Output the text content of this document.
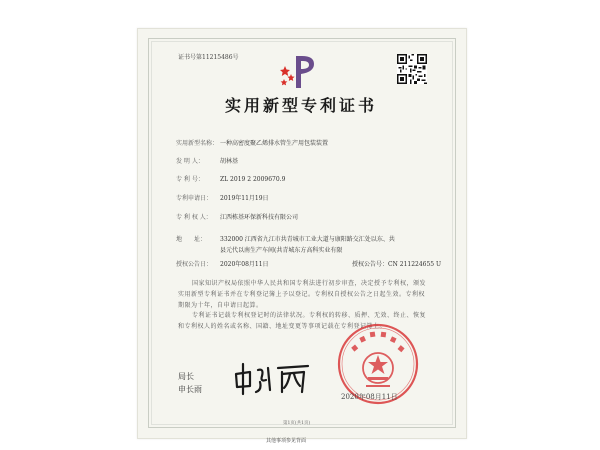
证书号第11215486号
实用新型专利证书
实用新型名称： 一种高密度聚乙烯排水管生产用包装装置
发 明 人：	胡林基
专 利 号：	ZL 2019 2 2009670.9
专利申请日： 2019年11月19日
专 利 权 人： 江西栋基环保新科技有限公司
地　　址： 332000 江西省九江市共青城市工业大道与康阳路交汇处以东、共县元代以南生产车间(共青城东方高科实业有限
授权公告日： 2020年08月11日	授权公告号：CN 211224655 U
国家知识产权局依照中华人民共和国专利法进行初步审查，决定授予专利权，颁发实用新型专利证书并在专利登记簿上予以登记。专利权自授权公告之日起生效。专利权期限为十年，自申请日起算。
专利证书记载专利权登记时的法律状况。专利权的转移、质押、无效、终止、恢复和专利权人的姓名或名称、国籍、地址变更等事项记载在专利登记簿上。
局长
申长雨
2020年08月11日
第1页(共1页)
其他事项参见背面
